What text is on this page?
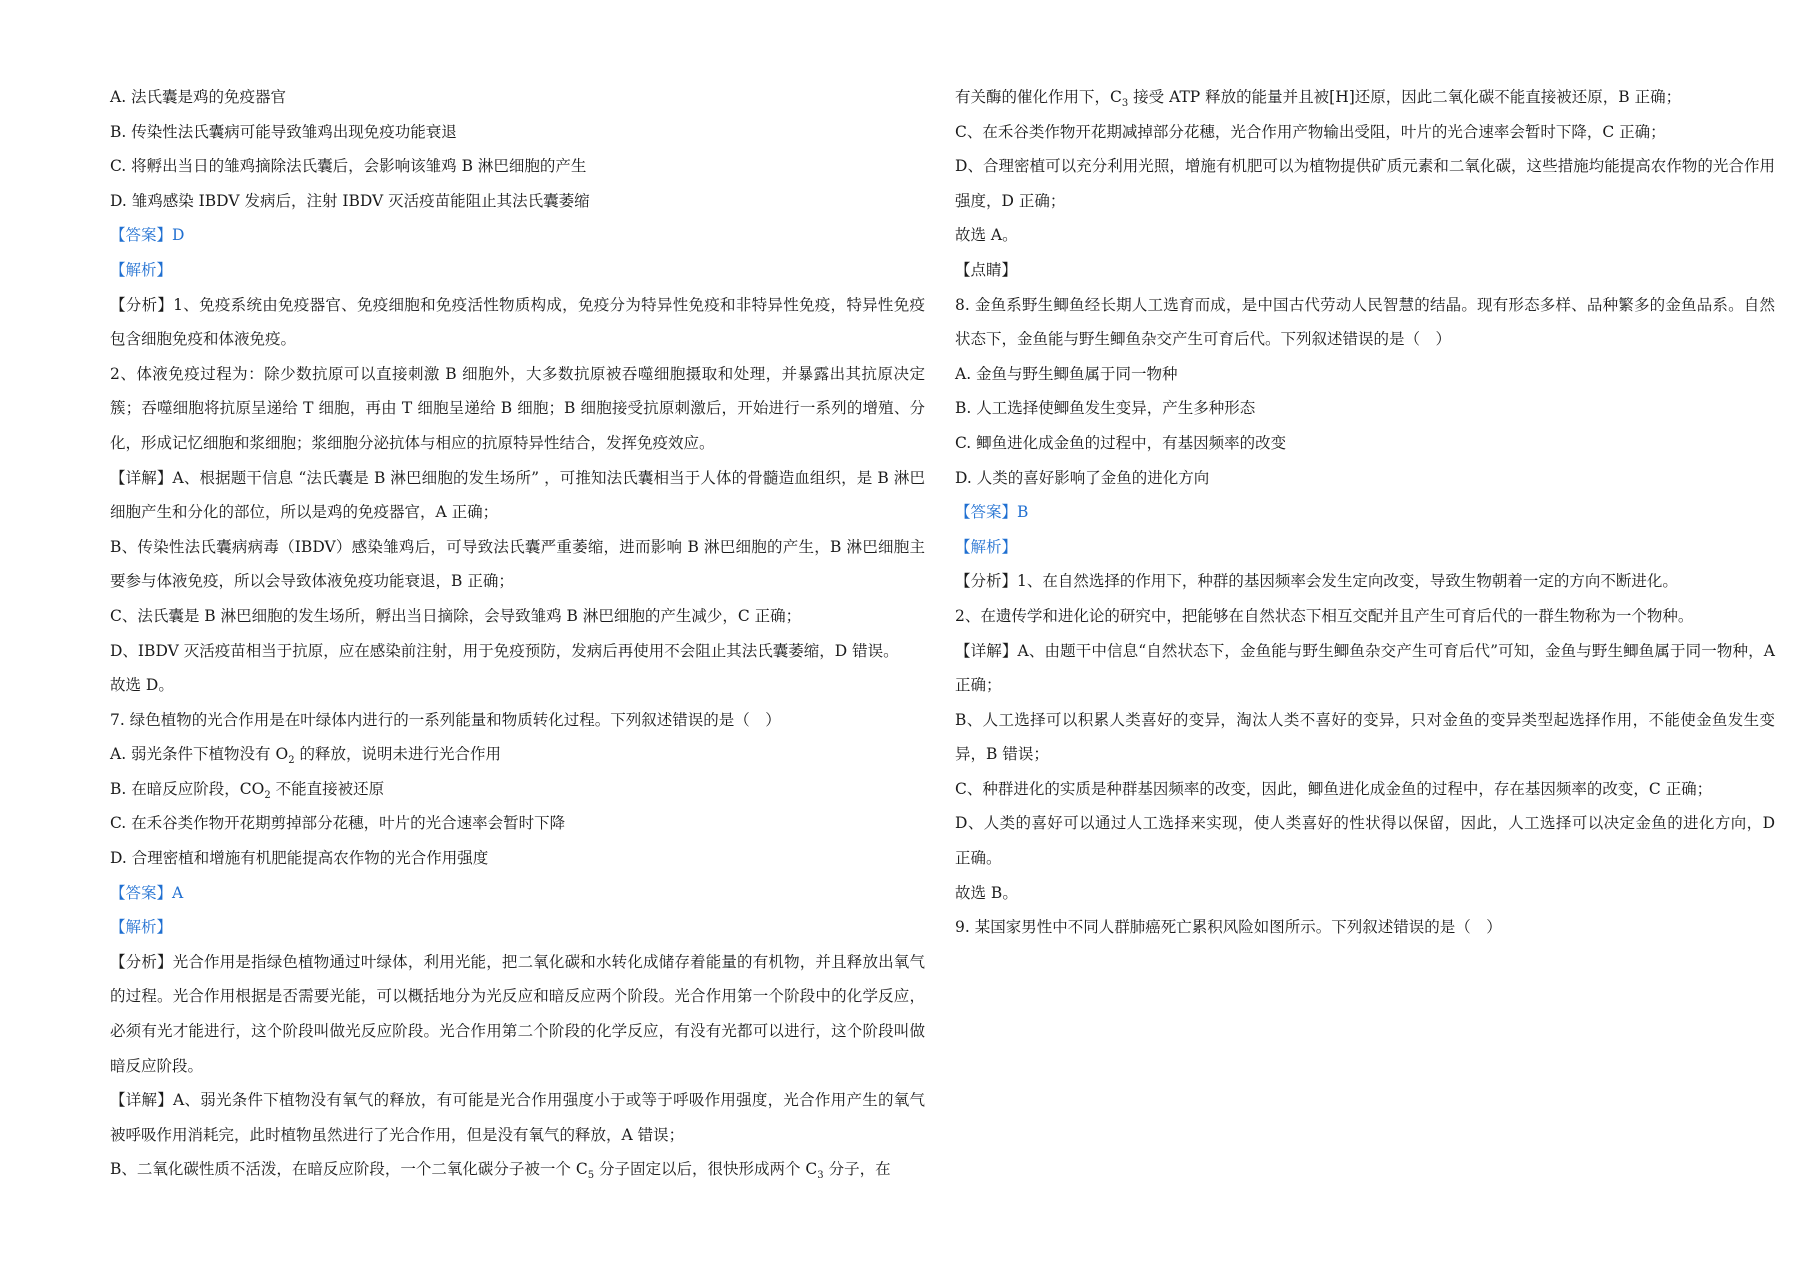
A. 法氏囊是鸡的免疫器官

B. 传染性法氏囊病可能导致雏鸡出现免疫功能衰退

C. 将孵出当日的雏鸡摘除法氏囊后，会影响该雏鸡 B 淋巴细胞的产生

D. 雏鸡感染 IBDV 发病后，注射 IBDV 灭活疫苗能阻止其法氏囊萎缩

【答案】D

【解析】

【分析】1、免疫系统由免疫器官、免疫细胞和免疫活性物质构成，免疫分为特异性免疫和非特异性免疫，特异性免疫包含细胞免疫和体液免疫。

2、体液免疫过程为：除少数抗原可以直接刺激 B 细胞外，大多数抗原被吞噬细胞摄取和处理，并暴露出其抗原决定簇；吞噬细胞将抗原呈递给 T 细胞，再由 T 细胞呈递给 B 细胞；B 细胞接受抗原刺激后，开始进行一系列的增殖、分化，形成记忆细胞和浆细胞；浆细胞分泌抗体与相应的抗原特异性结合，发挥免疫效应。

【详解】A、根据题干信息 “法氏囊是 B 淋巴细胞的发生场所” ，可推知法氏囊相当于人体的骨髓造血组织，是 B 淋巴细胞产生和分化的部位，所以是鸡的免疫器官，A 正确；

B、传染性法氏囊病病毒（IBDV）感染雏鸡后，可导致法氏囊严重萎缩，进而影响 B 淋巴细胞的产生，B 淋巴细胞主要参与体液免疫，所以会导致体液免疫功能衰退，B 正确；

C、法氏囊是 B 淋巴细胞的发生场所，孵出当日摘除，会导致雏鸡 B 淋巴细胞的产生减少，C 正确；

D、IBDV 灭活疫苗相当于抗原，应在感染前注射，用于免疫预防，发病后再使用不会阻止其法氏囊萎缩，D 错误。

故选 D。

7. 绿色植物的光合作用是在叶绿体内进行的一系列能量和物质转化过程。下列叙述错误的是（　）

A. 弱光条件下植物没有 $O_2$ 的释放，说明未进行光合作用

B. 在暗反应阶段，$CO_2$ 不能直接被还原

C. 在禾谷类作物开花期剪掉部分花穗，叶片的光合速率会暂时下降

D. 合理密植和增施有机肥能提高农作物的光合作用强度

【答案】A

【解析】

【分析】光合作用是指绿色植物通过叶绿体，利用光能，把二氧化碳和水转化成储存着能量的有机物，并且释放出氧气的过程。光合作用根据是否需要光能，可以概括地分为光反应和暗反应两个阶段。光合作用第一个阶段中的化学反应，必须有光才能进行，这个阶段叫做光反应阶段。光合作用第二个阶段的化学反应，有没有光都可以进行，这个阶段叫做暗反应阶段。

【详解】A、弱光条件下植物没有氧气的释放，有可能是光合作用强度小于或等于呼吸作用强度，光合作用产生的氧气被呼吸作用消耗完，此时植物虽然进行了光合作用，但是没有氧气的释放，A 错误；

B、二氧化碳性质不活泼，在暗反应阶段，一个二氧化碳分子被一个 $C_5$ 分子固定以后，很快形成两个 $C_3$ 分子，在

有关酶的催化作用下，$C_3$ 接受 ATP 释放的能量并且被[H]还原，因此二氧化碳不能直接被还原，B 正确；

C、在禾谷类作物开花期减掉部分花穗，光合作用产物输出受阻，叶片的光合速率会暂时下降，C 正确；

D、合理密植可以充分利用光照，增施有机肥可以为植物提供矿质元素和二氧化碳，这些措施均能提高农作物的光合作用强度，D 正确；

故选 A。

【点睛】

8. 金鱼系野生鲫鱼经长期人工选育而成，是中国古代劳动人民智慧的结晶。现有形态多样、品种繁多的金鱼品系。自然状态下，金鱼能与野生鲫鱼杂交产生可育后代。下列叙述错误的是（　）

A. 金鱼与野生鲫鱼属于同一物种

B. 人工选择使鲫鱼发生变异，产生多种形态

C. 鲫鱼进化成金鱼的过程中，有基因频率的改变

D. 人类的喜好影响了金鱼的进化方向

【答案】B

【解析】

【分析】1、在自然选择的作用下，种群的基因频率会发生定向改变，导致生物朝着一定的方向不断进化。

2、在遗传学和进化论的研究中，把能够在自然状态下相互交配并且产生可育后代的一群生物称为一个物种。

【详解】A、由题干中信息“自然状态下，金鱼能与野生鲫鱼杂交产生可育后代”可知，金鱼与野生鲫鱼属于同一物种，A 正确；

B、人工选择可以积累人类喜好的变异，淘汰人类不喜好的变异，只对金鱼的变异类型起选择作用，不能使金鱼发生变异，B 错误；

C、种群进化的实质是种群基因频率的改变，因此，鲫鱼进化成金鱼的过程中，存在基因频率的改变，C 正确；

D、人类的喜好可以通过人工选择来实现，使人类喜好的性状得以保留，因此，人工选择可以决定金鱼的进化方向，D 正确。

故选 B。

9. 某国家男性中不同人群肺癌死亡累积风险如图所示。下列叙述错误的是（　）
